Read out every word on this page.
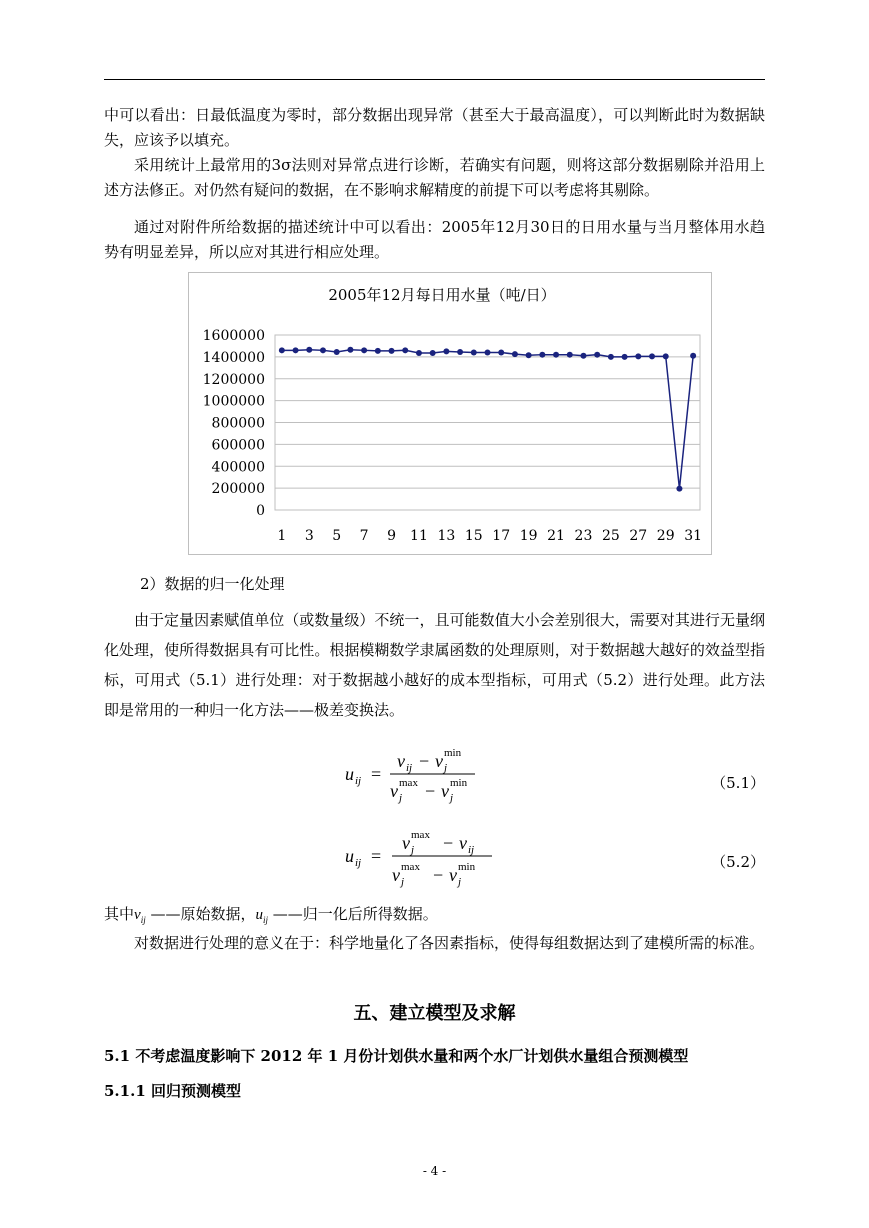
中可以看出：日最低温度为零时，部分数据出现异常（甚至大于最高温度），可以判断此时为数据缺失，应该予以填充。

采用统计上最常用的3σ法则对异常点进行诊断，若确实有问题，则将这部分数据剔除并沿用上述方法修正。对仍然有疑问的数据，在不影响求解精度的前提下可以考虑将其剔除。

通过对附件所给数据的描述统计中可以看出：2005年12月30日的日用水量与当月整体用水趋势有明显差异，所以应对其进行相应处理。

2005年12月每日用水量（吨/日）
0
200000
400000
600000
800000
1000000
1200000
1400000
1600000
1 3 5 7 9 11 13 15 17 19 21 23 25 27 29 31
2）数据的归一化处理

由于定量因素赋值单位（或数量级）不统一，且可能数值大小会差别很大，需要对其进行无量纲化处理，使所得数据具有可比性。根据模糊数学隶属函数的处理原则，对于数据越大越好的效益型指标，可用式（5.1）进行处理：对于数据越小越好的成本型指标，可用式（5.2）进行处理。此方法即是常用的一种归一化方法——极差变换法。

u ij =
v ij − v min
j
v max
j − v min
j
（5.1）
u ij =
v max
j − v ij
v max
j − v min
j
（5.2）

其中$v_{ij}$ ——原始数据，$u_{ij}$ ——归一化后所得数据。

对数据进行处理的意义在于：科学地量化了各因素指标，使得每组数据达到了建模所需的标准。

五、建立模型及求解
5.1 不考虑温度影响下 2012 年 1 月份计划供水量和两个水厂计划供水量组合预测模型
5.1.1 回归预测模型
- 4 -
